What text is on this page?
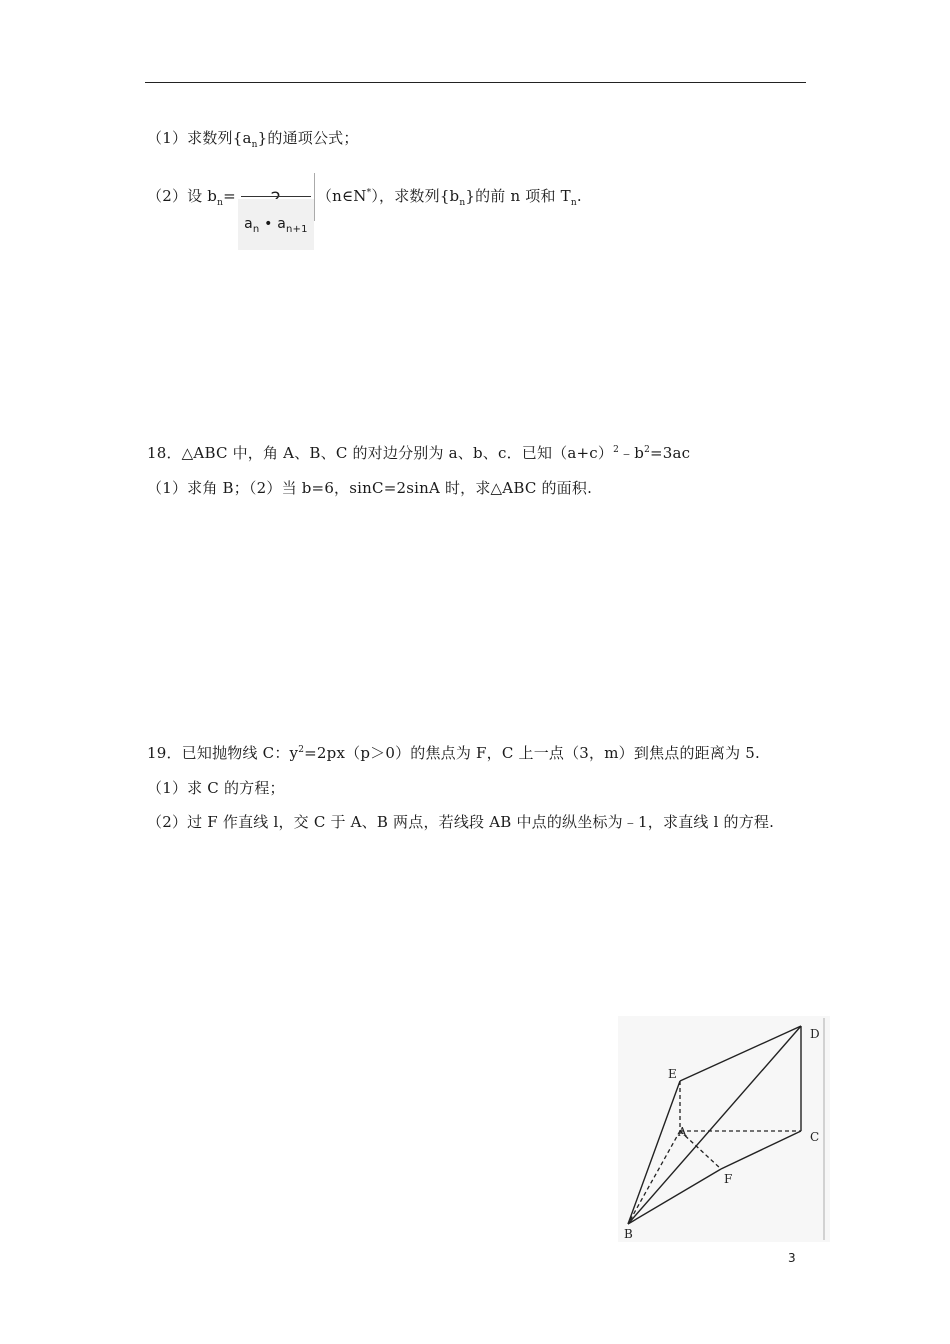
（1）求数列$\{a_n\}$的通项公式；
（2）设 $b_n=$
$a_n$ • $a_{n+1}$
（n∈N*），求数列$\{b_n\}$的前 n 项和 $T_n$.
18．△ABC 中，角 A、B、C 的对边分别为 a、b、c．已知$(a+c)^2﹣b^2=3ac$
（1）求角 B；（2）当 b=6，sinC=2sinA 时，求△ABC 的面积.
19．已知抛物线 C：$y^2=2px(p>0)$的焦点为 F，C 上一点（3，m）到焦点的距离为 5.
（1）求 C 的方程；
（2）过 F 作直线 l，交 C 于 A、B 两点，若线段 AB 中点的纵坐标为﹣1，求直线 l 的方程.
D
E
A	C
F
B
3
